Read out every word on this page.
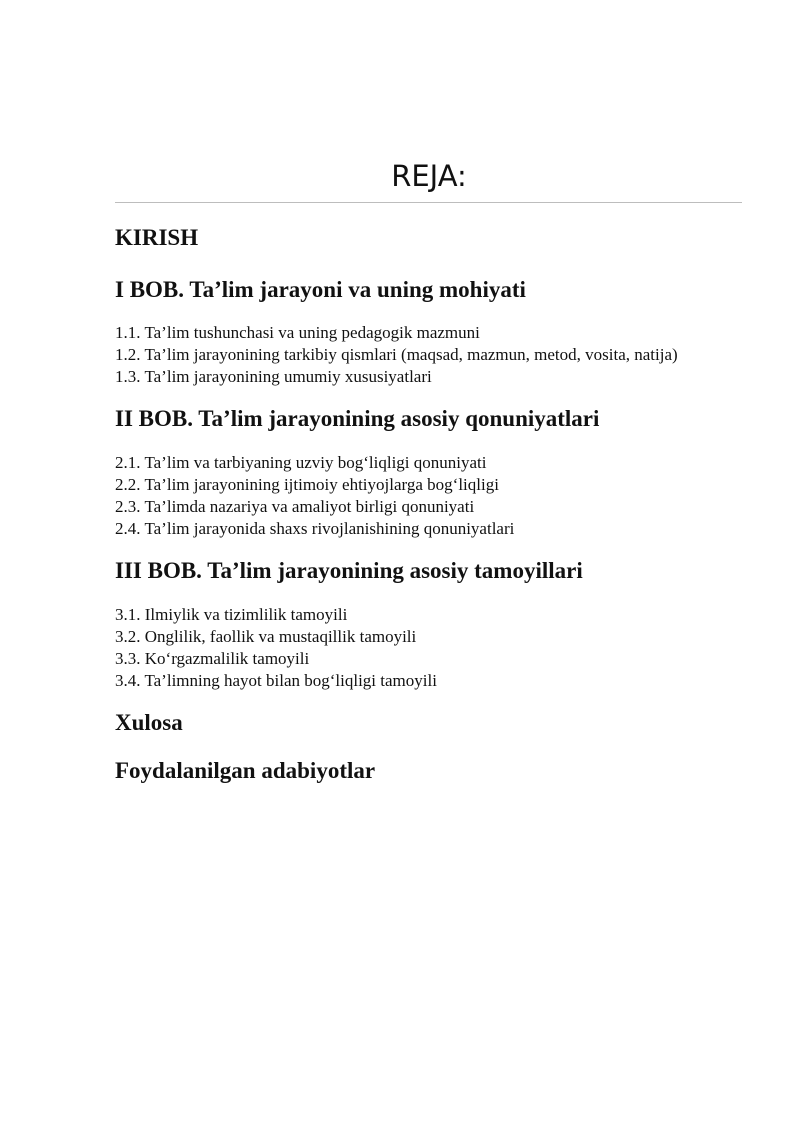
REJA:
KIRISH
I BOB. Ta’lim jarayoni va uning mohiyati

1.1. Ta’lim tushunchasi va uning pedagogik mazmuni

1.2. Ta’lim jarayonining tarkibiy qismlari (maqsad, mazmun, metod, vosita, natija)

1.3. Ta’lim jarayonining umumiy xususiyatlari

II BOB. Ta’lim jarayonining asosiy qonuniyatlari

2.1. Ta’lim va tarbiyaning uzviy bog‘liqligi qonuniyati

2.2. Ta’lim jarayonining ijtimoiy ehtiyojlarga bog‘liqligi

2.3. Ta’limda nazariya va amaliyot birligi qonuniyati

2.4. Ta’lim jarayonida shaxs rivojlanishining qonuniyatlari

III BOB. Ta’lim jarayonining asosiy tamoyillari

3.1. Ilmiylik va tizimlilik tamoyili

3.2. Onglilik, faollik va mustaqillik tamoyili

3.3. Ko‘rgazmalilik tamoyili

3.4. Ta’limning hayot bilan bog‘liqligi tamoyili

Xulosa
Foydalanilgan adabiyotlar
